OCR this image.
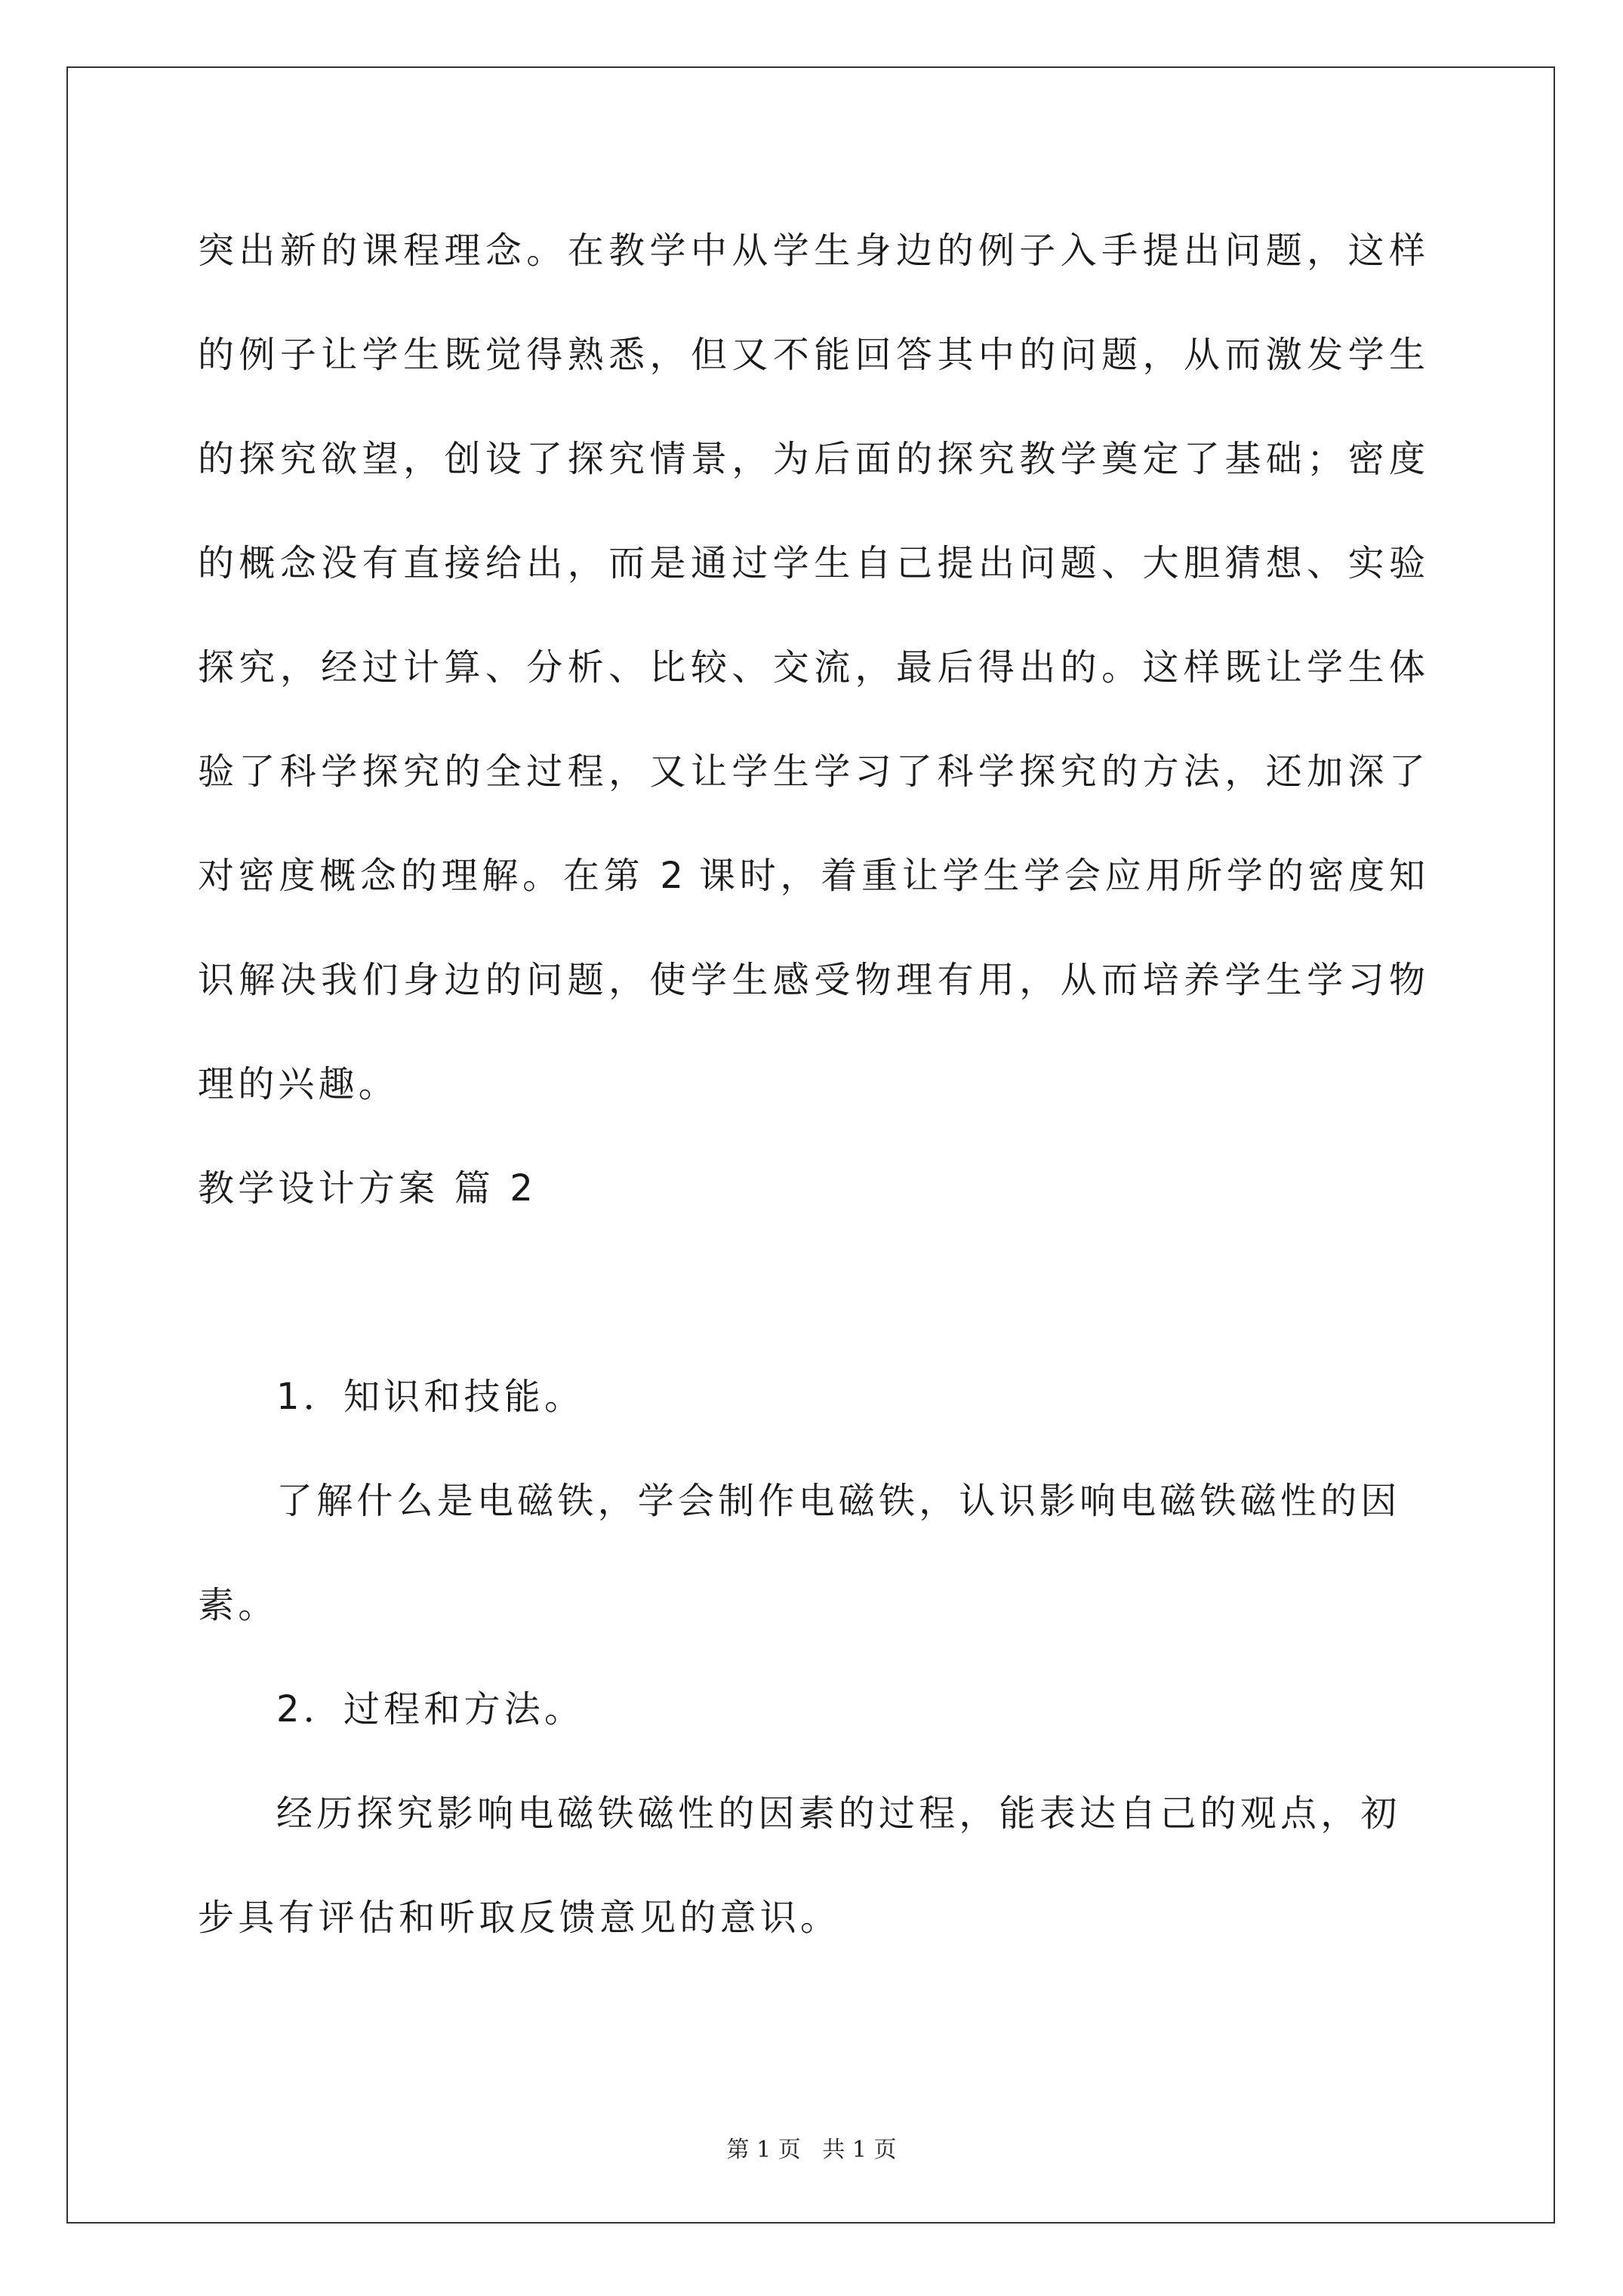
突出新的课程理念。在教学中从学生身边的例子入手提出问题，这样
的例子让学生既觉得熟悉，但又不能回答其中的问题，从而激发学生
的探究欲望，创设了探究情景，为后面的探究教学奠定了基础；密度
的概念没有直接给出，而是通过学生自己提出问题、大胆猜想、实验
探究，经过计算、分析、比较、交流，最后得出的。这样既让学生体
验了科学探究的全过程，又让学生学习了科学探究的方法，还加深了
对密度概念的理解。在第 2 课时，着重让学生学会应用所学的密度知
识解决我们身边的问题，使学生感受物理有用，从而培养学生学习物
理的兴趣。
教学设计方案 篇 2
1．知识和技能。
了解什么是电磁铁，学会制作电磁铁，认识影响电磁铁磁性的因
素。
2．过程和方法。
经历探究影响电磁铁磁性的因素的过程，能表达自己的观点，初
步具有评估和听取反馈意见的意识。
第 1 页   共 1 页
